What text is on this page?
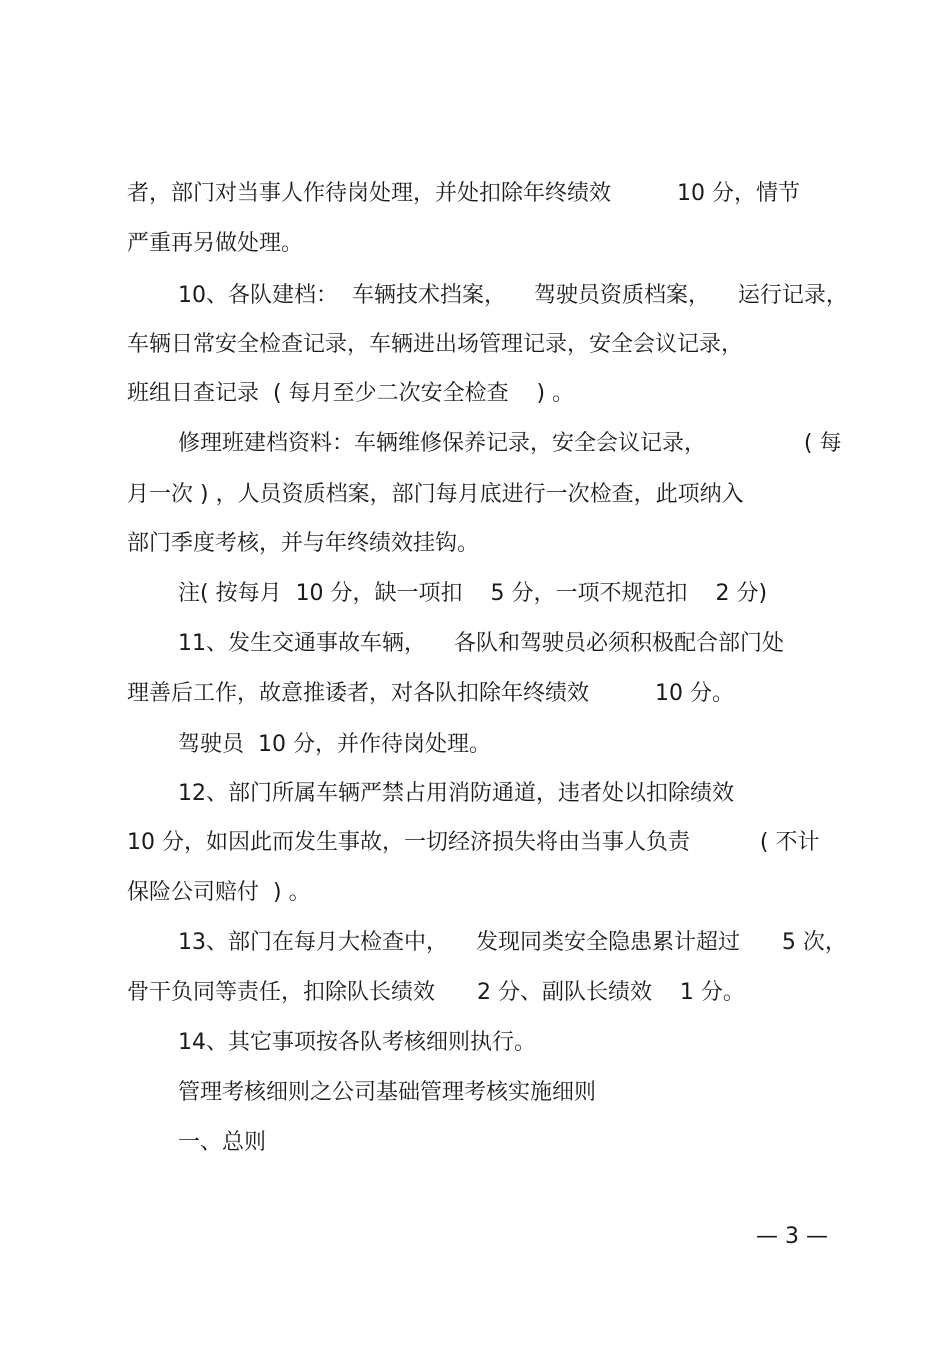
者，部门对当事人作待岗处理，并处扣除年终绩效　　　10 分，情节
严重再另做处理。
10、各队建档：  车辆技术挡案，    驾驶员资质档案，    运行记录，
车辆日常安全检查记录，车辆进出场管理记录，安全会议记录，
班组日查记录  ( 每月至少二次安全检查    ) 。
修理班建档资料：车辆维修保养记录，安全会议记录，              ( 每
月一次 ) ，人员资质档案，部门每月底进行一次检查，此项纳入
部门季度考核，并与年终绩效挂钩。
注( 按每月  10 分，缺一项扣    5 分，一项不规范扣    2 分)
11、发生交通事故车辆，    各队和驾驶员必须积极配合部门处
理善后工作，故意推诿者，对各队扣除年终绩效　　　10 分。
驾驶员  10 分，并作待岗处理。
12、部门所属车辆严禁占用消防通道，违者处以扣除绩效
10 分，如因此而发生事故，一切经济损失将由当事人负责          ( 不计
保险公司赔付  ) 。
13、部门在每月大检查中，    发现同类安全隐患累计超过      5 次，
骨干负同等责任，扣除队长绩效      2 分、副队长绩效    1 分。
14、其它事项按各队考核细则执行。
管理考核细则之公司基础管理考核实施细则
一、总则
— 3 —
